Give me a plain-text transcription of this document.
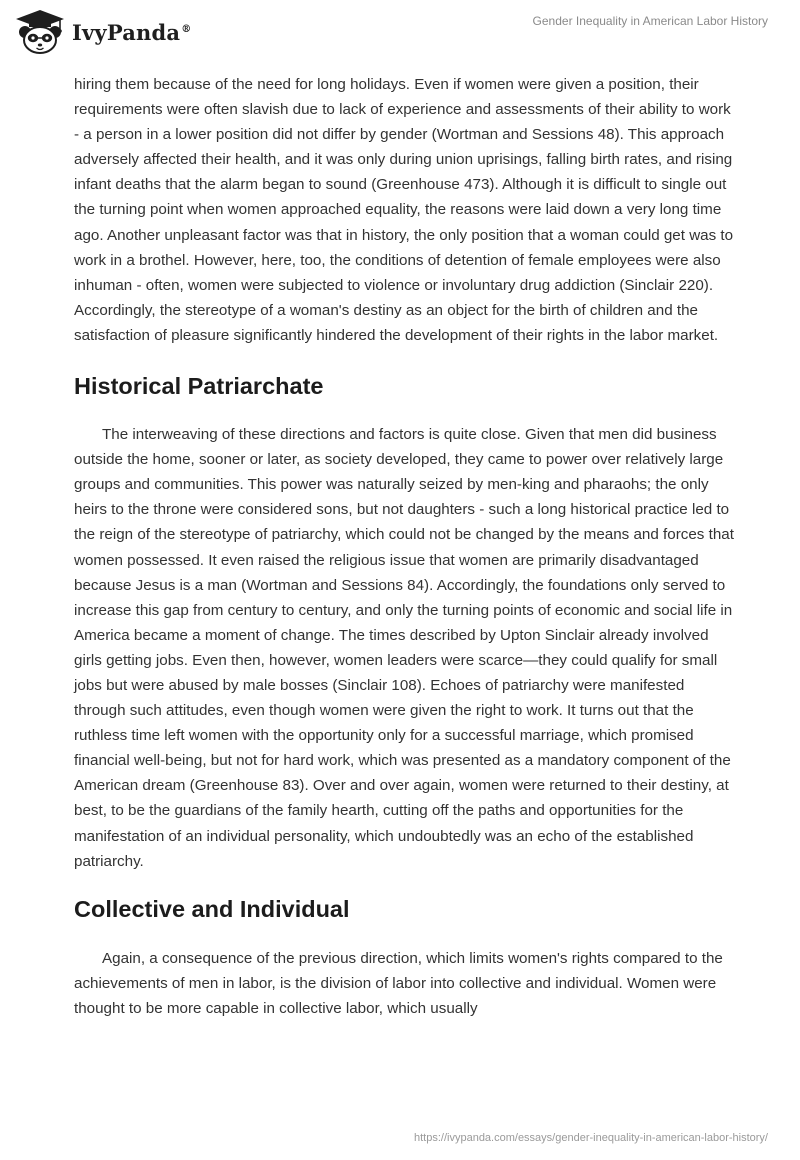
IvyPanda®
Gender Inequality in American Labor History

hiring them because of the need for long holidays. Even if women were given a position, their requirements were often slavish due to lack of experience and assessments of their ability to work - a person in a lower position did not differ by gender (Wortman and Sessions 48). This approach adversely affected their health, and it was only during union uprisings, falling birth rates, and rising infant deaths that the alarm began to sound (Greenhouse 473). Although it is difficult to single out the turning point when women approached equality, the reasons were laid down a very long time ago. Another unpleasant factor was that in history, the only position that a woman could get was to work in a brothel. However, here, too, the conditions of detention of female employees were also inhuman - often, women were subjected to violence or involuntary drug addiction (Sinclair 220). Accordingly, the stereotype of a woman's destiny as an object for the birth of children and the satisfaction of pleasure significantly hindered the development of their rights in the labor market.

Historical Patriarchate

The interweaving of these directions and factors is quite close. Given that men did business outside the home, sooner or later, as society developed, they came to power over relatively large groups and communities. This power was naturally seized by men-king and pharaohs; the only heirs to the throne were considered sons, but not daughters - such a long historical practice led to the reign of the stereotype of patriarchy, which could not be changed by the means and forces that women possessed. It even raised the religious issue that women are primarily disadvantaged because Jesus is a man (Wortman and Sessions 84). Accordingly, the foundations only served to increase this gap from century to century, and only the turning points of economic and social life in America became a moment of change. The times described by Upton Sinclair already involved girls getting jobs. Even then, however, women leaders were scarce—they could qualify for small jobs but were abused by male bosses (Sinclair 108). Echoes of patriarchy were manifested through such attitudes, even though women were given the right to work. It turns out that the ruthless time left women with the opportunity only for a successful marriage, which promised financial well-being, but not for hard work, which was presented as a mandatory component of the American dream (Greenhouse 83). Over and over again, women were returned to their destiny, at best, to be the guardians of the family hearth, cutting off the paths and opportunities for the manifestation of an individual personality, which undoubtedly was an echo of the established patriarchy.

Collective and Individual

Again, a consequence of the previous direction, which limits women's rights compared to the achievements of men in labor, is the division of labor into collective and individual. Women were thought to be more capable in collective labor, which usually

https://ivypanda.com/essays/gender-inequality-in-american-labor-history/
